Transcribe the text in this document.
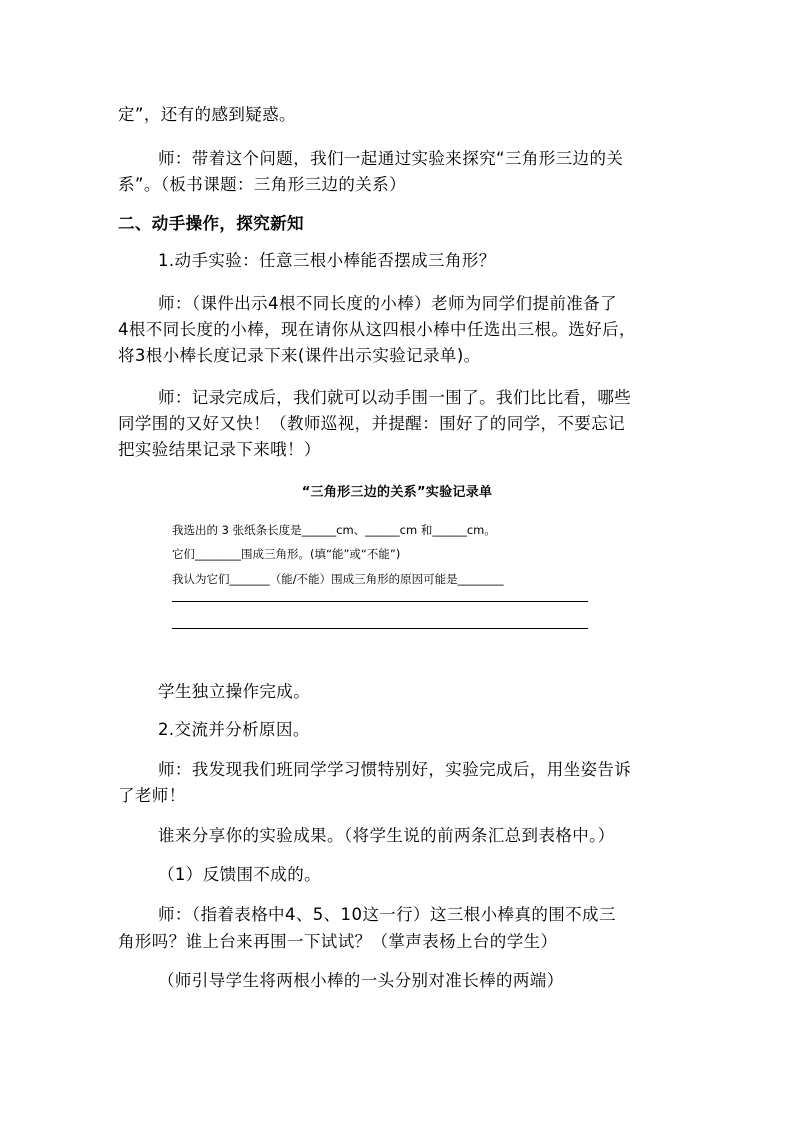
定”，还有的感到疑惑。
师：带着这个问题，我们一起通过实验来探究“三角形三边的关
系”。（板书课题：三角形三边的关系）
二、动手操作，探究新知
1.动手实验：任意三根小棒能否摆成三角形？
师：（课件出示4根不同长度的小棒）老师为同学们提前准备了
4根不同长度的小棒，现在请你从这四根小棒中任选出三根。选好后，
将3根小棒长度记录下来(课件出示实验记录单)。
师：记录完成后，我们就可以动手围一围了。我们比比看，哪些
同学围的又好又快！（教师巡视，并提醒：围好了的同学，不要忘记
把实验结果记录下来哦！）
“三角形三边的关系”实验记录单
我选出的 3 张纸条长度是______cm、______cm 和______cm。
它们________围成三角形。(填“能”或“不能”)
我认为它们_______（能/不能）围成三角形的原因可能是________
学生独立操作完成。
2.交流并分析原因。
师：我发现我们班同学学习惯特别好，实验完成后，用坐姿告诉
了老师！
谁来分享你的实验成果。（将学生说的前两条汇总到表格中。）
（1）反馈围不成的。
师：（指着表格中4、5、10这一行）这三根小棒真的围不成三
角形吗？谁上台来再围一下试试？（掌声表杨上台的学生）
（师引导学生将两根小棒的一头分别对准长棒的两端）
